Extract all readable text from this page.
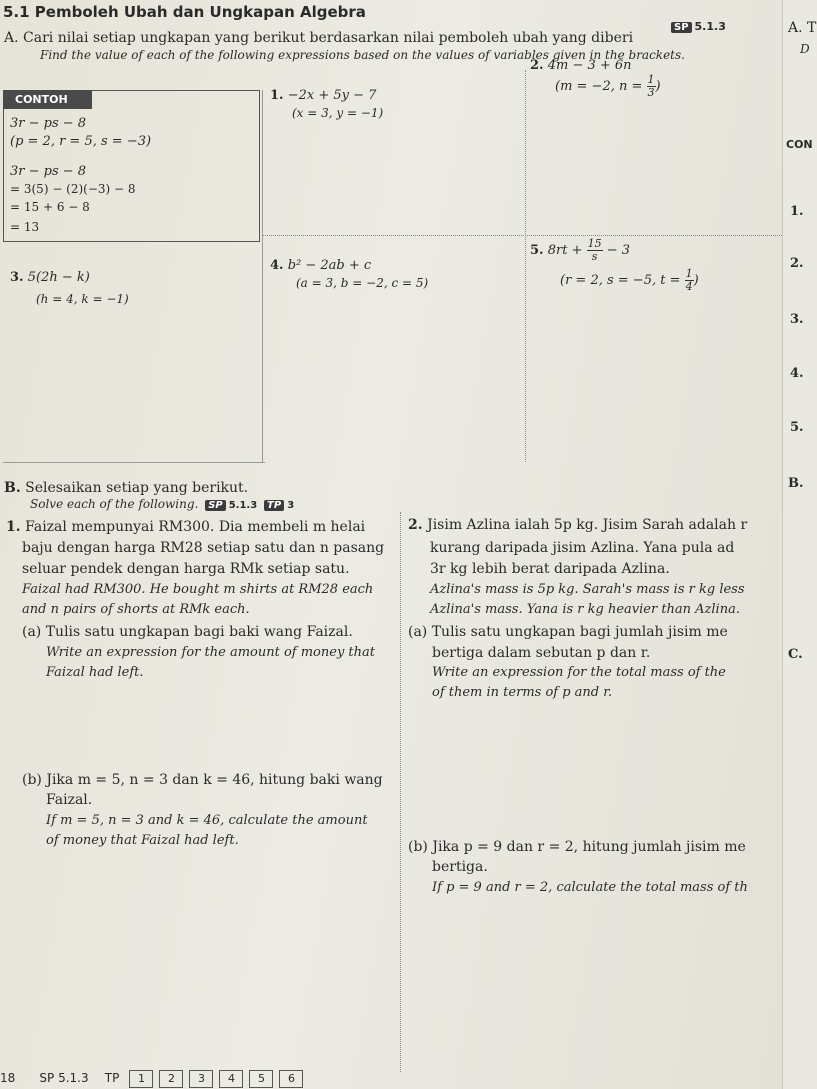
5.1 Pemboleh Ubah dan Ungkapan Algebra
SP 5.1.3	A. T
D
A. Cari nilai setiap ungkapan yang berikut berdasarkan nilai pemboleh ubah yang diberi
Find the value of each of the following expressions based on the values of variables given in the brackets.
CONTOH
3r − ps − 8
(p = 2, r = 5, s = −3)
3r − ps − 8
= 3(5) − (2)(−3) − 8
= 15 + 6 − 8
= 13
1. −2x + 5y − 7
(x = 3, y = −1)
2. 4m − 3 + 6n
(m = −2, $n = \frac{1}{3}$ )
3. 5(2h − k)
(h = 4, k = −1)
4. b² − 2ab + c
(a = 3, b = −2, c = 5)
5. $8rt + \frac{15}{s} - 3$
(r = 2, s = −5, $t = \frac{1}{4}$ )
CON
1.
2.
3.
4.
5.
B.
C.
B. Selesaikan setiap yang berikut.
Solve each of the following. SP 5.1.3 TP 3
1. Faizal mempunyai RM300. Dia membeli m helai
baju dengan harga RM28 setiap satu dan n pasang
seluar pendek dengan harga RMk setiap satu.
Faizal had RM300. He bought m shirts at RM28 each
and n pairs of shorts at RMk each.
(a) Tulis satu ungkapan bagi baki wang Faizal.
Write an expression for the amount of money that
Faizal had left.
(b) Jika m = 5, n = 3 dan k = 46, hitung baki wang
Faizal.
If m = 5, n = 3 and k = 46, calculate the amount
of money that Faizal had left.
2. Jisim Azlina ialah 5p kg. Jisim Sarah adalah r
kurang daripada jisim Azlina. Yana pula ad
3r kg lebih berat daripada Azlina.
Azlina's mass is 5p kg. Sarah's mass is r kg less
Azlina's mass. Yana is r kg heavier than Azlina.
(a) Tulis satu ungkapan bagi jumlah jisim me
bertiga dalam sebutan p dan r.
Write an expression for the total mass of the
of them in terms of p and r.
(b) Jika p = 9 dan r = 2, hitung jumlah jisim me
bertiga.
If p = 9 and r = 2, calculate the total mass of th
18 SP 5.1.3 TP 1 2 3 4 5 6
